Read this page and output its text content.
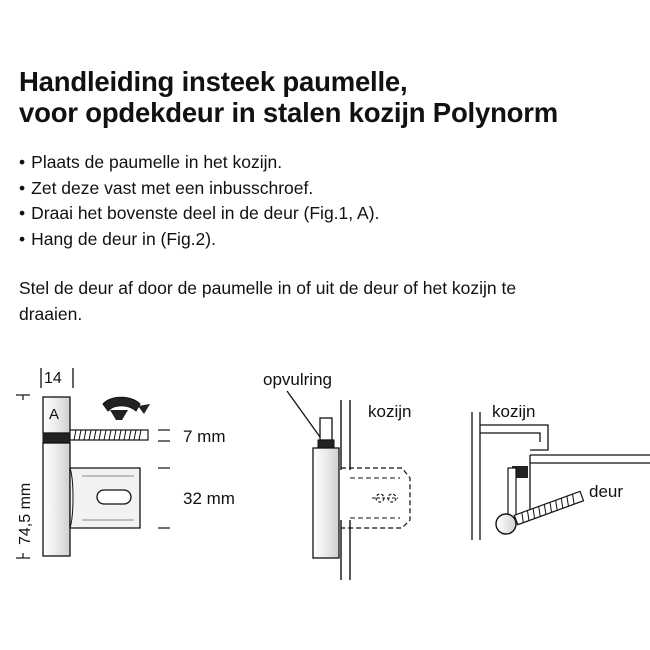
Handleiding insteek paumelle,
voor opdekdeur in stalen kozijn Polynorm
• Plaats de paumelle in het kozijn.
• Zet deze vast met een inbusschroef.
• Draai het bovenste deel in de deur (Fig.1, A).
• Hang de deur in (Fig.2).

Stel de deur af door de paumelle in of uit de deur of het kozijn te draaien.

14
74,5 mm
A
7 mm
32 mm
opvulring
kozijn	kozijn
deur
